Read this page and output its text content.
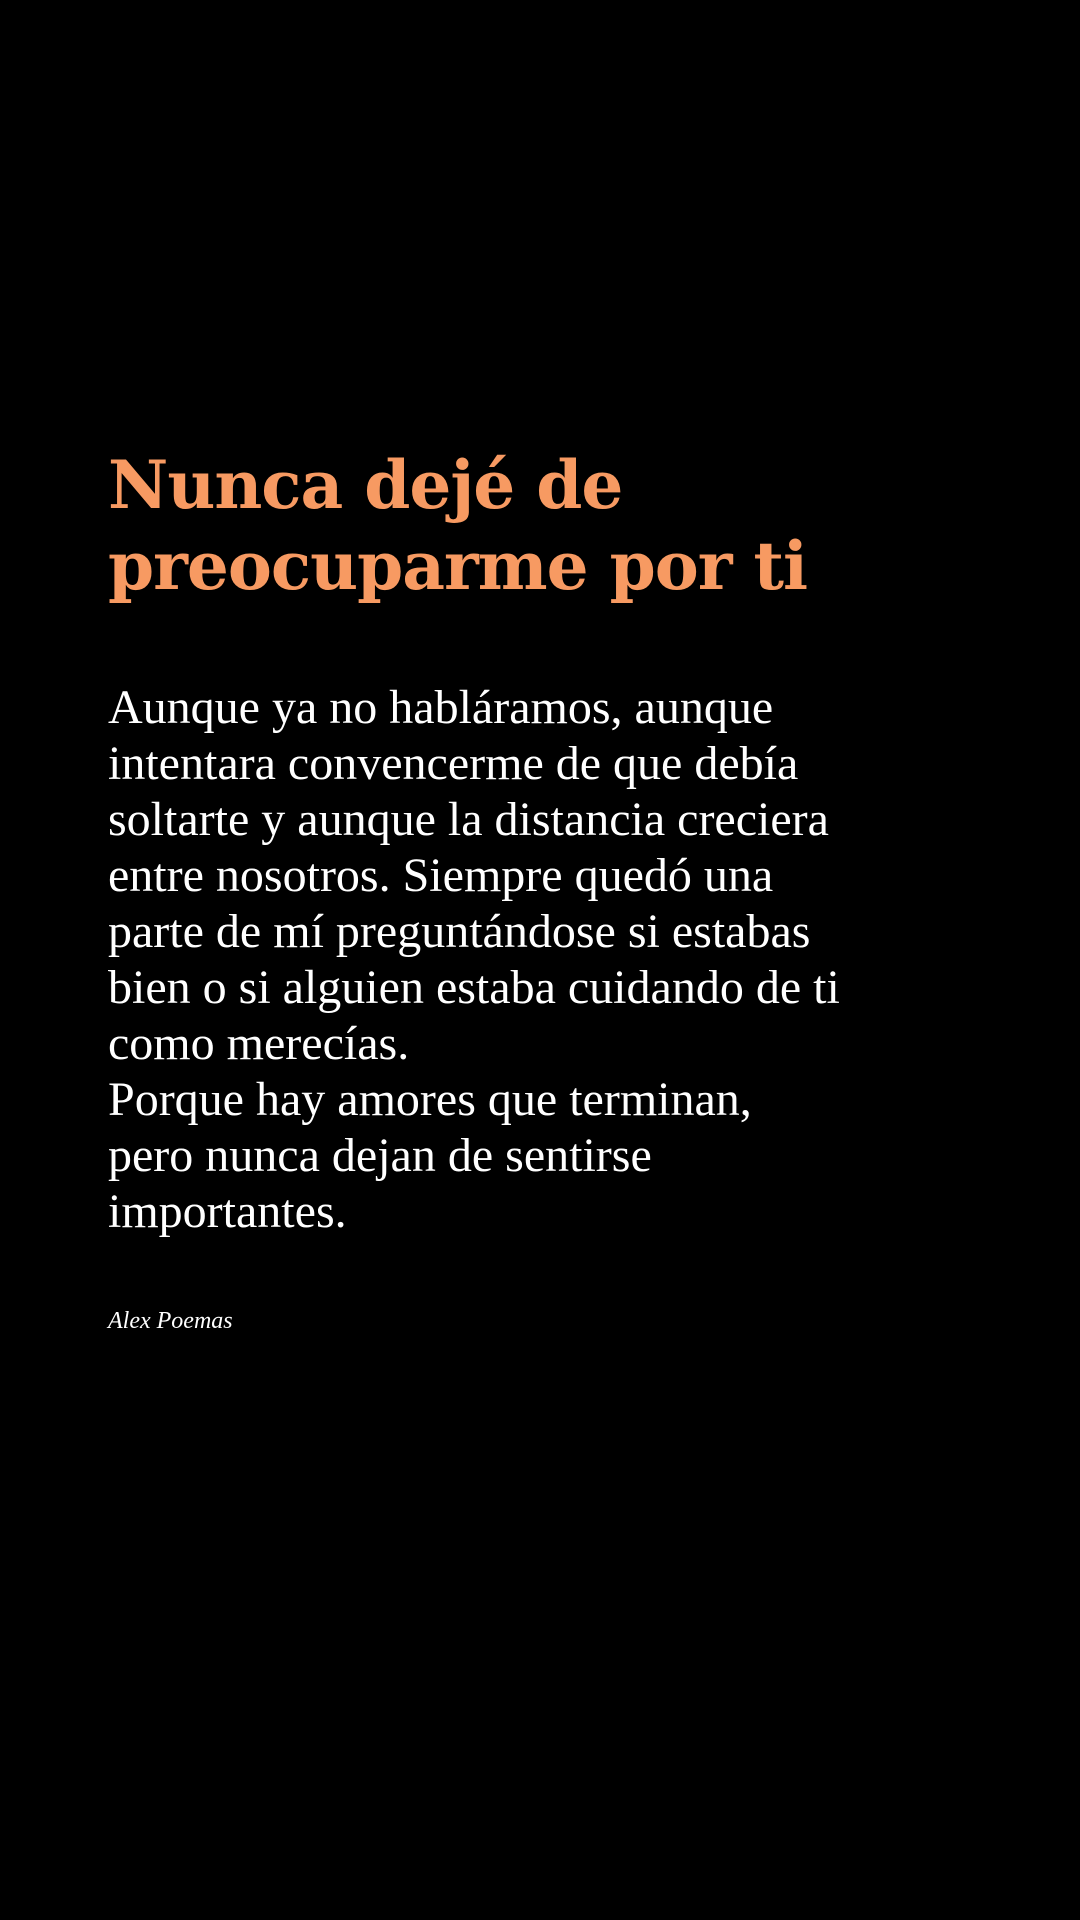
Nunca dejé de
preocuparme por ti
Aunque ya no habláramos, aunque
intentara convencerme de que debía
soltarte y aunque la distancia creciera
entre nosotros. Siempre quedó una
parte de mí preguntándose si estabas
bien o si alguien estaba cuidando de ti
como merecías.
Porque hay amores que terminan,
pero nunca dejan de sentirse
importantes.

Alex Poemas
